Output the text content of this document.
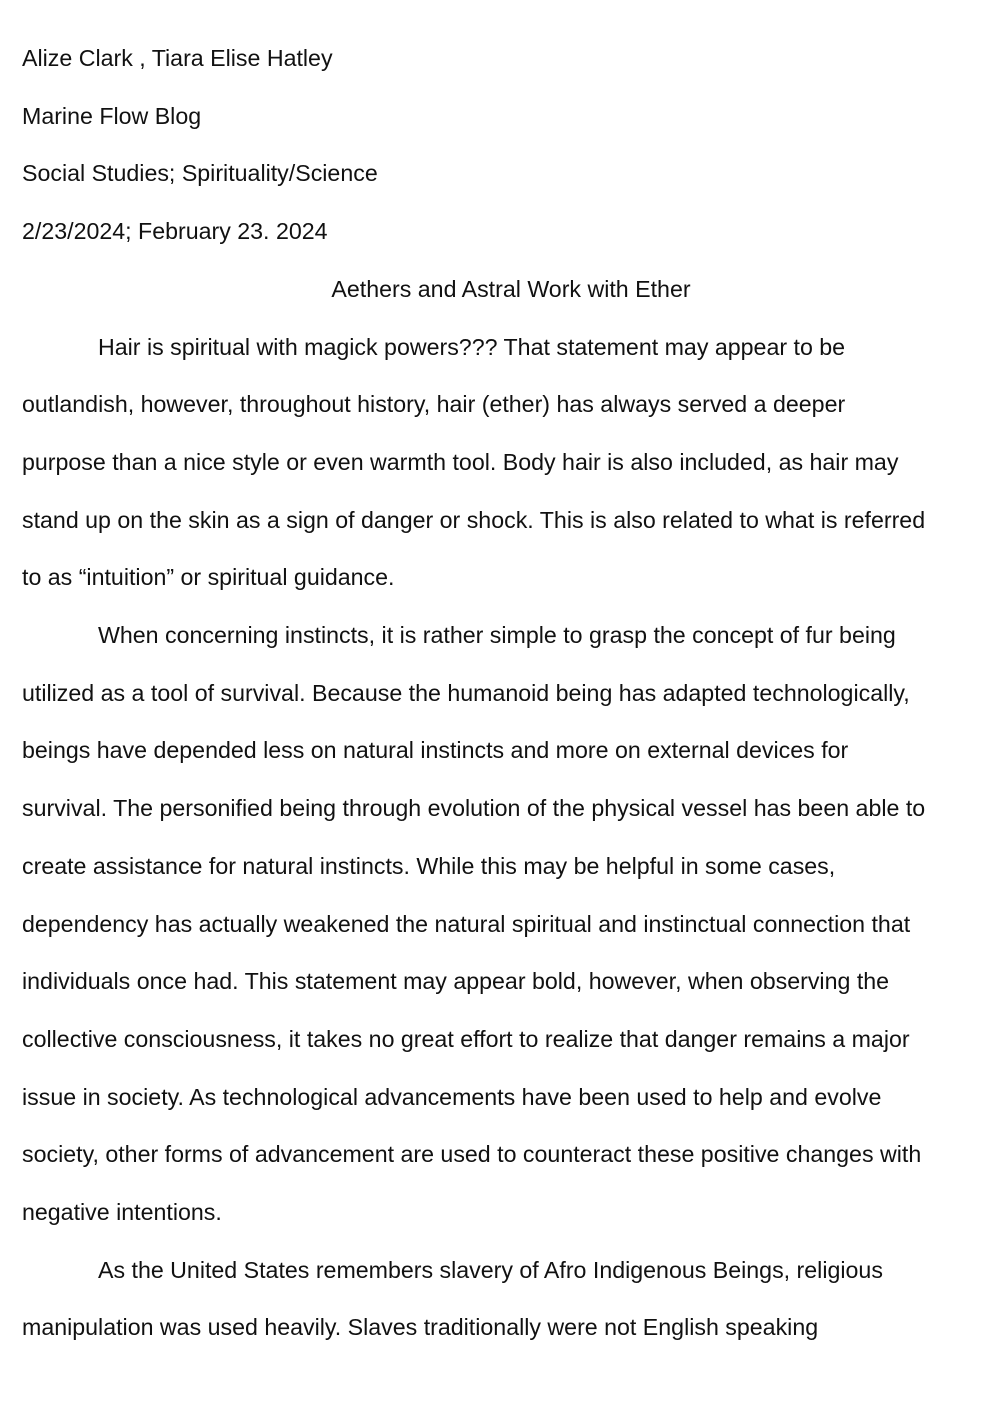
Alize Clark , Tiara Elise Hatley
Marine Flow Blog
Social Studies; Spirituality/Science
2/23/2024; February 23. 2024
Aethers and Astral Work with Ether
Hair is spiritual with magick powers??? That statement may appear to be
outlandish, however, throughout history, hair (ether) has always served a deeper
purpose than a nice style or even warmth tool. Body hair is also included, as hair may
stand up on the skin as a sign of danger or shock. This is also related to what is referred
to as “intuition” or spiritual guidance.
When concerning instincts, it is rather simple to grasp the concept of fur being
utilized as a tool of survival. Because the humanoid being has adapted technologically,
beings have depended less on natural instincts and more on external devices for
survival. The personified being through evolution of the physical vessel has been able to
create assistance for natural instincts. While this may be helpful in some cases,
dependency has actually weakened the natural spiritual and instinctual connection that
individuals once had. This statement may appear bold, however, when observing the
collective consciousness, it takes no great effort to realize that danger remains a major
issue in society. As technological advancements have been used to help and evolve
society, other forms of advancement are used to counteract these positive changes with
negative intentions.
As the United States remembers slavery of Afro Indigenous Beings, religious
manipulation was used heavily. Slaves traditionally were not English speaking
